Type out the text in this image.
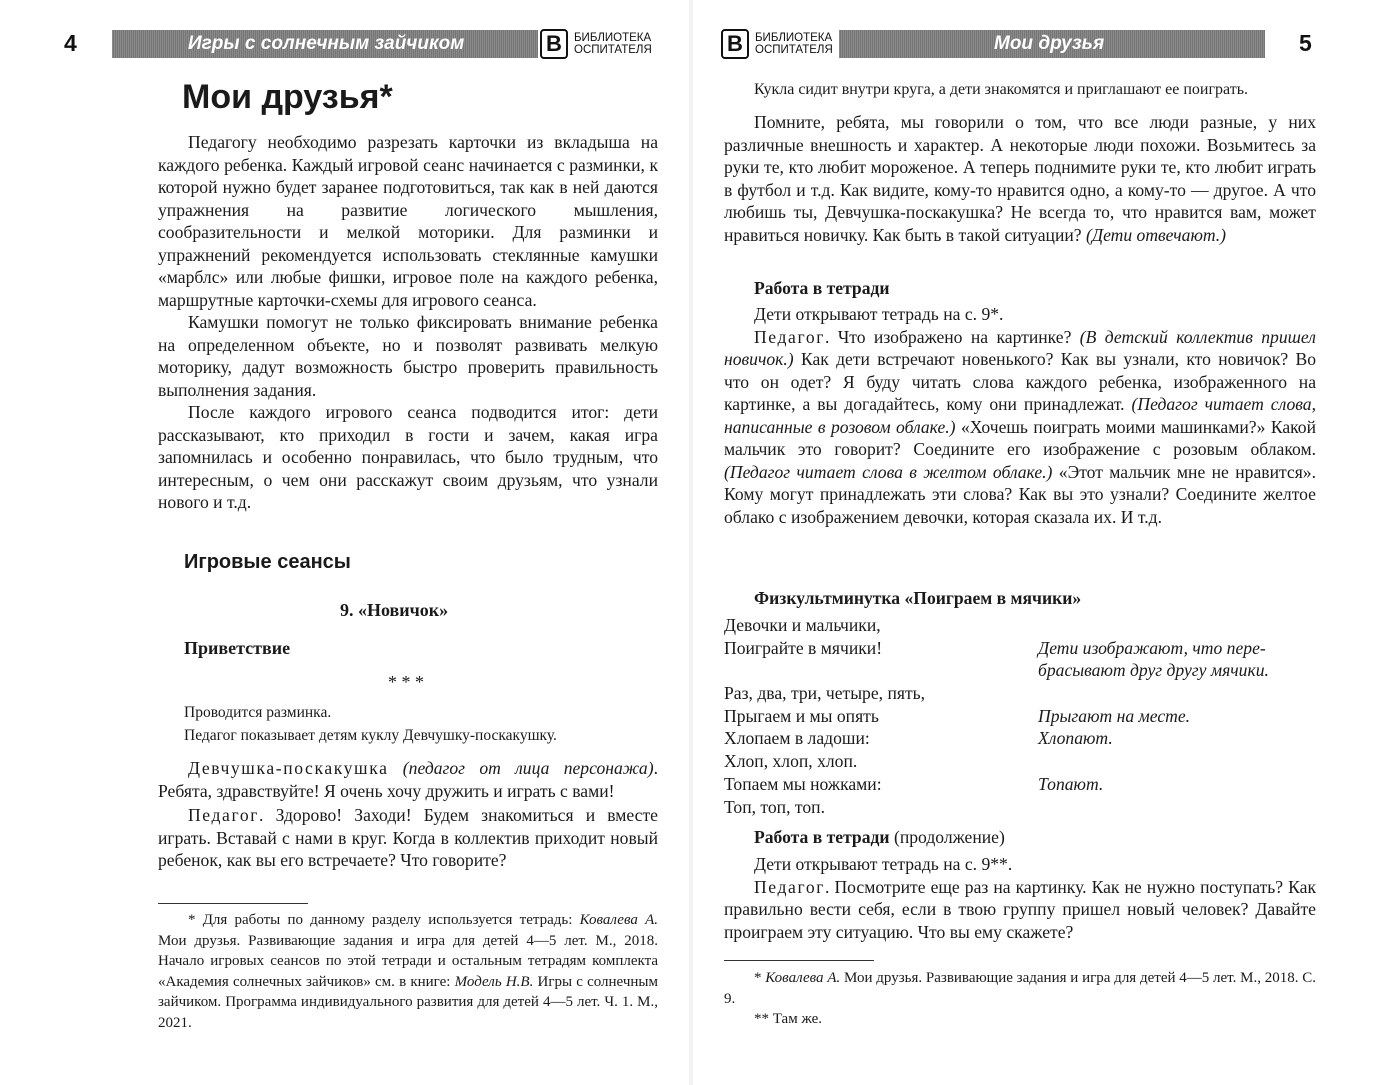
4	Игры с солнечным зайчиком	В	БИБЛИОТЕКА
ОСПИТАТЕЛЯ
Мои друзья*

Педагогу необходимо разрезать карточки из вкладыша на каждого ребенка. Каждый игровой сеанс начинается с разминки, к которой нужно будет заранее подготовиться, так как в ней даются упражнения на развитие логического мышления, сообразительности и мелкой моторики. Для разминки и упражнений рекомендуется использовать стеклянные камушки «марблс» или любые фишки, игровое поле на каждого ребенка, маршрутные карточки-схемы для игрового сеанса.

Камушки помогут не только фиксировать внимание ребенка на определенном объекте, но и позволят развивать мелкую моторику, дадут возможность быстро проверить правильность выполнения задания.

После каждого игрового сеанса подводится итог: дети рассказывают, кто приходил в гости и зачем, какая игра запомнилась и особенно понравилась, что было трудным, что интересным, о чем они расскажут своим друзьям, что узнали нового и т.д.

Игровые сеансы
9. «Новичок»
Приветствие
* * *

Проводится разминка.

Педагог показывает детям куклу Девчушку-поскакушку.

Девчушка-поскакушка (педагог от лица персонажа). Ребята, здравствуйте! Я очень хочу дружить и играть с вами!

Педагог. Здорово! Заходи! Будем знакомиться и вместе играть. Вставай с нами в круг. Когда в коллектив приходит новый ребенок, как вы его встречаете? Что говорите?

* Для работы по данному разделу используется тетрадь: Ковалева А. Мои друзья. Развивающие задания и игра для детей 4—5 лет. М., 2018. Начало игровых сеансов по этой тетради и остальным тетрадям комплекта «Академия солнечных зайчиков» см. в книге: Модель Н.В. Игры с солнечным зайчиком. Программа индивидуального развития для детей 4—5 лет. Ч. 1. М., 2021.

В	БИБЛИОТЕКА
ОСПИТАТЕЛЯ	Мои друзья	5
Кукла сидит внутри круга, а дети знакомятся и приглашают ее поиграть.

Помните, ребята, мы говорили о том, что все люди разные, у них различные внешность и характер. А некоторые люди похожи. Возьмитесь за руки те, кто любит мороженое. А теперь поднимите руки те, кто любит играть в футбол и т.д. Как видите, кому-то нравится одно, а кому-то — другое. А что любишь ты, Девчушка-поскакушка? Не всегда то, что нравится вам, может нравиться новичку. Как быть в такой ситуации? (Дети отвечают.)

Работа в тетради

Дети открывают тетрадь на с. 9*.

Педагог. Что изображено на картинке? (В детский коллектив пришел новичок.) Как дети встречают новенького? Как вы узнали, кто новичок? Во что он одет? Я буду читать слова каждого ребенка, изображенного на картинке, а вы догадайтесь, кому они принадлежат. (Педагог читает слова, написанные в розовом облаке.) «Хочешь поиграть моими машинками?» Какой мальчик это говорит? Соедините его изображение с розовым облаком. (Педагог читает слова в желтом облаке.) «Этот мальчик мне не нравится». Кому могут принадлежать эти слова? Как вы это узнали? Соедините желтое облако с изображением девочки, которая сказала их. И т.д.

Физкультминутка «Поиграем в мячики»
Девочки и мальчики,
Поиграйте в мячики!	Дети изображают, что пере-
брасывают друг другу мячики.
Раз, два, три, четыре, пять,
Прыгаем и мы опять	Прыгают на месте.
Хлопаем в ладоши:	Хлопают.
Хлоп, хлоп, хлоп.
Топаем мы ножками:	Топают.
Топ, топ, топ.
Работа в тетради (продолжение)

Дети открывают тетрадь на с. 9**.

Педагог. Посмотрите еще раз на картинку. Как не нужно поступать? Как правильно вести себя, если в твою группу пришел новый человек? Давайте проиграем эту ситуацию. Что вы ему скажете?

* Ковалева А. Мои друзья. Развивающие задания и игра для детей 4—5 лет. М., 2018. С. 9.

** Там же.
